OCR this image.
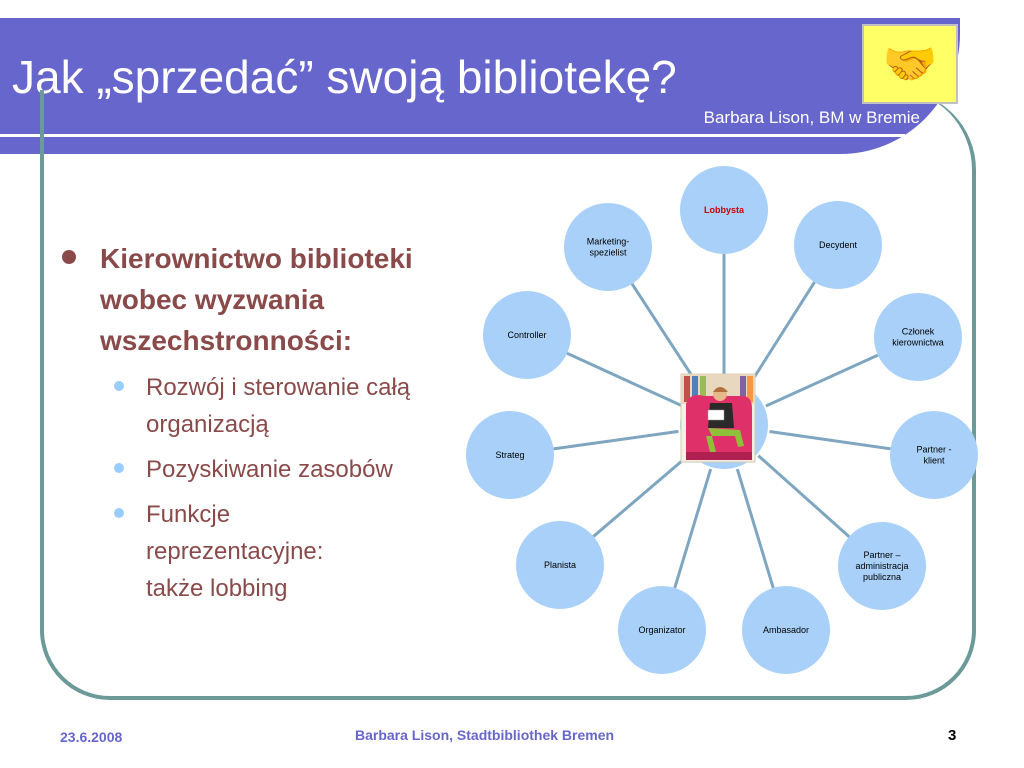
Jak „sprzedać” swoją bibliotekę?
Barbara Lison, BM w Bremie
🤝
Kierownictwo biblioteki wobec wyzwania wszechstronności:
Rozwój i sterowanie całą organizacją
Pozyskiwanie zasobów
Funkcje reprezentacyjne: także lobbing
Lobbysta
Decydent
Członek kierownictwa
Partner -klient
Partner – administracja publiczna
Ambasador
Organizator
Planista
Strateg
Controller
Marketing-spezielist
23.6.2008	Barbara Lison, Stadtbibliothek Bremen	3
